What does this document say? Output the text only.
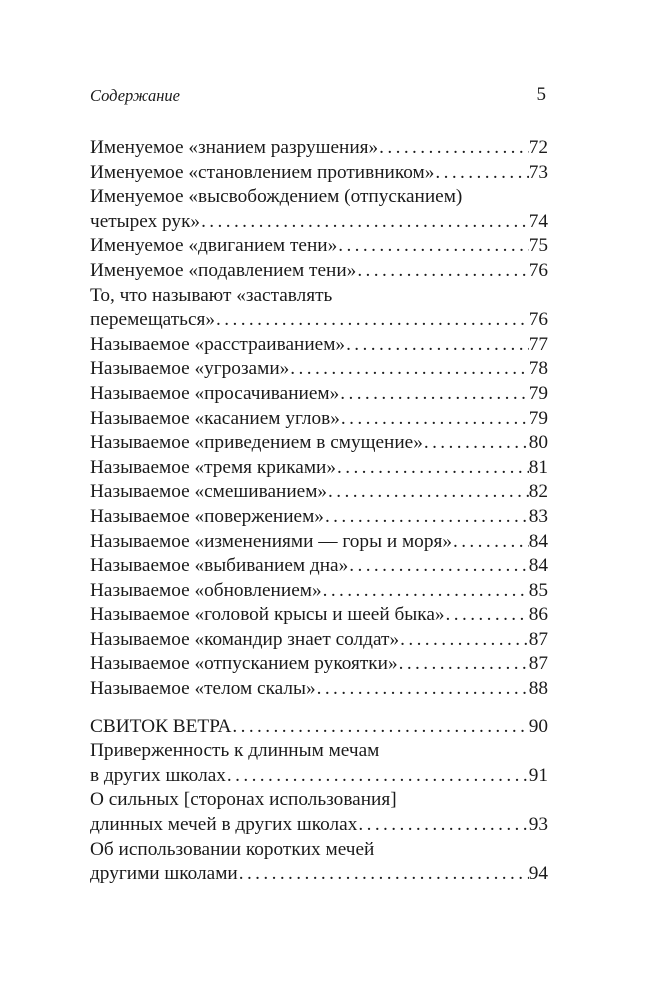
Содержание	5
Именуемое «знанием разрушения» .....	72
Именуемое «становлением противником» .....	73
Именуемое «высвобождением (отпусканием)
четырех рук» .....	74
Именуемое «двиганием тени» .....	75
Именуемое «подавлением тени» .....	76
То, что называют «заставлять
перемещаться» .....	76
Называемое «расстраиванием» .....	77
Называемое «угрозами» .....	78
Называемое «просачиванием» .....	79
Называемое «касанием углов» .....	79
Называемое «приведением в смущение» .....	80
Называемое «тремя криками» .....	81
Называемое «смешиванием» .....	82
Называемое «повержением» .....	83
Называемое «изменениями — горы и моря» .....	84
Называемое «выбиванием дна» .....	84
Называемое «обновлением» .....	85
Называемое «головой крысы и шеей быка» .....	86
Называемое «командир знает солдат» .....	87
Называемое «отпусканием рукоятки» .....	87
Называемое «телом скалы» .....	88
СВИТОК ВЕТРА .....	90
Приверженность к длинным мечам
в других школах .....	91
О сильных [сторонах использования]
длинных мечей в других школах .....	93
Об использовании коротких мечей
другими школами .....	94
